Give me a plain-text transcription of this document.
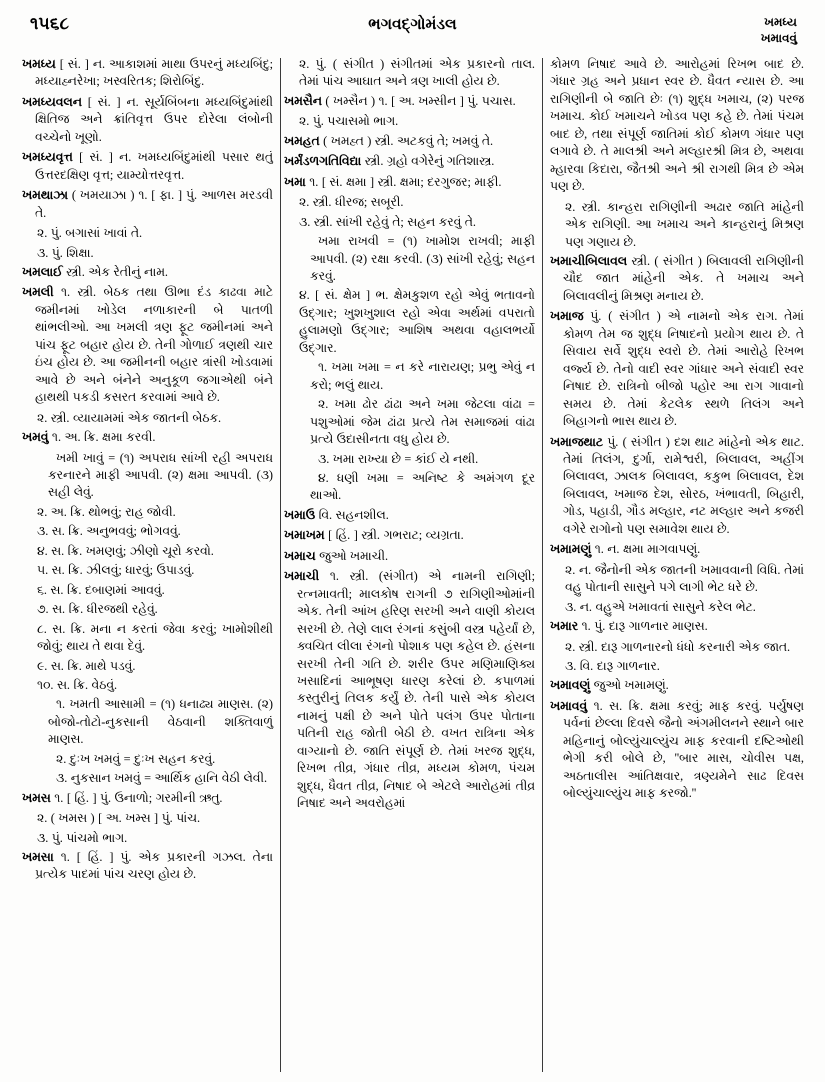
૧૫૬૮	ભગવદ્ગોમંડલ	ખમધ્ય
ખમાવવું

ખમધ્ય [ સં. ] ન. આકાશમાં માથા ઉપરનું મધ્યબિંદુ; મધ્યાહ્નરેખા; ખસ્વરિતક; શિરોબિંદુ.

ખમધ્યવલન [ સં. ] ન. સૂર્યબિંબના મધ્યબિંદુમાંથી ક્ષિતિજ અને ક્રાંતિવૃત્ત ઉપર દોરેલા લંબોની વચ્ચેનો ખૂણો.

ખમધ્યવૃત્ત [ સં. ] ન. ખમધ્યબિંદુમાંથી પસાર થતું ઉત્તરદક્ષિણ વૃત્ત; યામ્યોત્તરવૃત્ત.

ખમથાઝા ( ખમયાઝા ) ૧. [ ફા. ] પું. આળસ મરડવી તે.

૨. પું. બગાસાં ખાવાં તે.

૩. પું. શિક્ષા.

ખમલાઈ સ્ત્રી. એક રેતીનું નામ.

ખમલી ૧. સ્ત્રી. બેઠક તથા ઊભા દંડ કાઢવા માટે જમીનમાં ખોડેલ નળાકારની બે પાતળી થાંભલીઓ. આ ખમલી ત્રણ ફૂટ જમીનમાં અને પાંચ ફૂટ બહાર હોય છે. તેની ગોળાઈ ત્રણથી ચાર ઇંચ હોય છે. આ જમીનની બહાર ત્રાંસી ખોડવામાં આવે છે અને બંનેને અનુકૂળ જગાએથી બંને હાથથી પકડી કસરત કરવામાં આવે છે.

૨. સ્ત્રી. વ્યાયામમાં એક જાતની બેઠક.

ખમવું ૧. અ. ક્રિ. ક્ષમા કરવી.

ખમી ખાવું = (૧) અપરાધ સાંખી રહી અપરાધ કરનારને માફી આપવી. (૨) ક્ષમા આપવી. (૩) સહી લેવું.

૨. અ. ક્રિ. થોભવું; રાહ જોવી.

૩. સ. ક્રિ. અનુભવવું; ભોગવવું.

૪. સ. ક્રિ. ખમણવું; ઝીણો ચૂરો કરવો.

૫. સ. ક્રિ. ઝીલવું; ધારવું; ઉપાડવું.

૬. સ. ક્રિ. દબાણમાં આવવું.

૭. સ. ક્રિ. ધીરજથી રહેવું.

૮. સ. ક્રિ. મના ન કરતાં જેવા કરવું; ખામોશીથી જોવું; થાય તે થવા દેવું.

૯. સ. ક્રિ. માથે પડવું.

૧૦. સ. ક્રિ. વેઠવું.

૧. ખમતી આસામી = (૧) ધનાઢ્ય માણસ. (૨) બોજો-તોટો-નુકસાની વેઠવાની શક્તિવાળું માણસ.

૨. દુઃખ ખમવું = દુઃખ સહન કરવું.

૩. નુકસાન ખમવું = આર્થિક હાનિ વેઠી લેવી.

ખમસ ૧. [ હિં. ] પું. ઉનાળો; ગરમીની ઋતુ.

૨. ( ખમસ ) [ અ. ખમ્સ ] પું. પાંચ.

૩. પું. પાંચમો ભાગ.

ખમસા ૧. [ હિં. ] પું. એક પ્રકારની ગઝલ. તેના પ્રત્યેક પાદમાં પાંચ ચરણ હોય છે.

૨. પું. ( સંગીત ) સંગીતમાં એક પ્રકારનો તાલ. તેમાં પાંચ આઘાત અને ત્રણ ખાલી હોય છે.

ખમસૈન ( ખમ્સૈન ) ૧. [ અ. ખમ્સીન ] પું. પચાસ.

૨. પું. પચાસમો ભાગ.

ખમહત ( ખમહ્ત ) સ્ત્રી. અટકવું તે; ખમવું તે.

ખર્મંડળગતિવિદ્યા સ્ત્રી. ગ્રહો વગેરેનું ગતિશાસ્ત્ર.

ખમા ૧. [ સં. ક્ષમા ] સ્ત્રી. ક્ષમા; દરગુજર; માફી.

૨. સ્ત્રી. ધીરજ; સબૂરી.

૩. સ્ત્રી. સાંખી રહેવું તે; સહન કરવું તે.

ખમા રાખવી = (૧) ખામોશ રાખવી; માફી આપવી. (૨) રક્ષા કરવી. (૩) સાંખી રહેવું; સહન કરવું.

૪. [ સં. ક્ષેમ ] ભ. ક્ષેમકુશળ રહો એવું ભતાવનો ઉદ્ગાર; ખુશખુશાલ રહો એવા અર્થમાં વપરાતો હુલામણો ઉદ્ગાર; આશિષ અથવા વહાલભર્યો ઉદ્ગાર.

૧. ખમા ખમા = ન કરે નારાયણ; પ્રભુ એવું ન કરો; ભલું થાય.

૨. ખમા ઢોર ઢાંઢા અને ખમા જેટલા વાંઢા = પશુઓમાં જેમ ઢાંઢા પ્રત્યે તેમ સમાજમાં વાંઢા પ્રત્યે ઉદાસીનતા વધુ હોય છે.

૩. ખમા રાખ્યા છે = કાંઈ યે નથી.

૪. ધણી ખમા = અનિષ્ટ કે અમંગળ દૂર થાઓ.

ખમાઉ વિ. સહનશીલ.

ખમાખમ [ હિં. ] સ્ત્રી. ગભરાટ; વ્યગ્રતા.

ખમાચ જુઓ ખમાચી.

ખમાચી ૧. સ્ત્રી. (સંગીત) એ નામની રાગિણી; રત્નમાવતી; માલકોષ રાગની ૭ રાગિણીઓમાંની એક. તેની આંખ હરિણ સરખી અને વાણી કોયલ સરખી છે. તેણે લાલ રંગનાં કસુંબી વસ્ત્ર પહેર્યાં છે, ક્વચિત લીલા રંગનો પોશાક પણ કહેલ છે. હંસના સરખી તેની ગતિ છે. શરીર ઉપર મણિમાણિક્ય ખસાદિનાં આભૂષણ ધારણ કરેલાં છે. કપાળમાં કસ્તુરીનું તિલક કર્યું છે. તેની પાસે એક કોયલ નામનું પક્ષી છે અને પોતે પલંગ ઉપર પોતાના પતિની રાહ જોતી બેઠી છે. વખત રાત્રિના એક વાગ્યાનો છે. જાતિ સંપૂર્ણ છે. તેમાં ખરજ શુદ્ધ, રિખભ તીવ્ર, ગંધાર તીવ્ર, મધ્યમ કોમળ, પંચમ શુદ્ધ, ધૈવત તીવ્ર, નિષાદ બે એટલે આરોહમાં તીવ્ર નિષાદ અને અવરોહમાં

કોમળ નિષાદ આવે છે. આરોહમાં રિખભ બાદ છે. ગંધાર ગ્રહ અને પ્રધાન સ્વર છે. ધૈવત ન્યાસ છે. આ રાગિણીની બે જાતિ છેઃ (૧) શુદ્ધ ખમાચ, (૨) પરજ ખમાચ. કોઈ ખમાચને ખોડવ પણ કહે છે. તેમાં પંચમ બાદ છે, તથા સંપૂર્ણ જાતિમાં કોઈ કોમળ ગંધાર પણ લગાવે છે. તે માલશ્રી અને મલ્હારશ્રી મિત્ર છે, અથવા મ્હારવા કિદારા, જૈતશ્રી અને શ્રી રાગથી મિત્ર છે એમ પણ છે.

૨. સ્ત્રી. કાન્હરા રાગિણીની અઢાર જાતિ માંહેની એક રાગિણી. આ ખમાચ અને કાન્હરાનું મિશ્રણ પણ ગણાય છે.

ખમાચીબિલાવલ સ્ત્રી. ( સંગીત ) બિલાવલી રાગિણીની ચૌદ જાત માંહેની એક. તે ખમાચ અને બિલાવલીનું મિશ્રણ મનાય છે.

ખમાજ પું. ( સંગીત ) એ નામનો એક રાગ. તેમાં કોમળ તેમ જ શુદ્ધ નિષાદનો પ્રયોગ થાય છે. તે સિવાય સર્વે શુદ્ધ સ્વરો છે. તેમાં આરોહે રિખભ વર્જ્ય છે. તેનો વાદી સ્વર ગાંધાર અને સંવાદી સ્વર નિષાદ છે. રાત્રિનો બીજો પહોર આ રાગ ગાવાનો સમય છે. તેમાં કેટલેક સ્થળે તિલંગ અને બિહાગનો ભાસ થાય છે.

ખમાજથાટ પું. ( સંગીત ) દશ થાટ માંહેનો એક થાટ. તેમાં તિલંગ, દુર્ગા, રામેશ્વરી, બિલાવલ, અહીંગ બિલાવલ, ઝાલક બિલાવલ, કકુભ બિલાવલ, દેશ બિલાવલ, ખમાજ દેશ, સોરઠ, ખંભાવતી, બિહારી, ગોડ, પહાડી, ગૌડ મલ્હાર, નટ મલ્હાર અને કજરી વગેરે રાગોનો પણ સમાવેશ થાય છે.

ખમામણું ૧. ન. ક્ષમા માગવાપણું.

૨. ન. જૈનોની એક જાતની ખમાવવાની વિધિ. તેમાં વહુ પોતાની સાસુને પગે લાગી ભેટ ધરે છે.

૩. ન. વહુએ ખમાવતાં સાસુને કરેલ ભેટ.

ખમાર ૧. પું. દારૂ ગાળનાર માણસ.

૨. સ્ત્રી. દારૂ ગાળનારનો ધંધો કરનારી એક જાત.

૩. વિ. દારૂ ગાળનાર.

ખમાવણું જુઓ ખમામણું.

ખમાવવું ૧. સ. ક્રિ. ક્ષમા કરવું; માફ કરવું. પર્યુષણ પર્વનાં છેલ્લા દિવસે જૈનો અંગમીલનને સ્થાને બાર મહિનાનું બોલ્યુંચાલ્યુંચ માફ કરવાની દષ્ટિઓથી ભેગી કરી બોલે છે, ''બાર માસ, ચોવીસ પક્ષ, અઠતાલીસ આંતિક્ષવાર, ત્રણ્યમેને સાઢ દિવસ બોલ્યુંચાલ્યુંચ માફ કરજો.''
